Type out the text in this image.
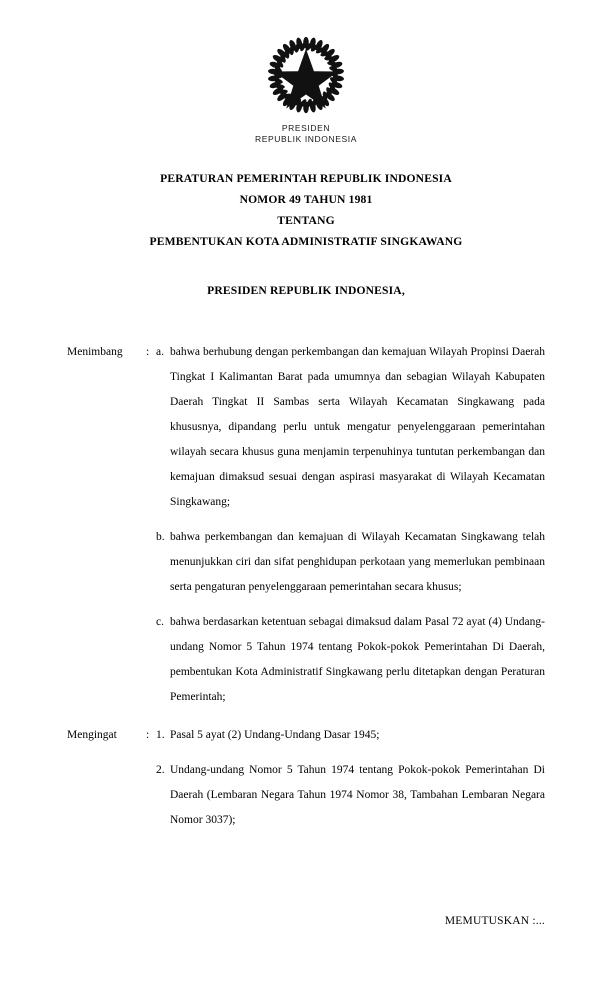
PRESIDEN
REPUBLIK INDONESIA
PERATURAN PEMERINTAH REPUBLIK INDONESIA
NOMOR 49 TAHUN 1981
TENTANG
PEMBENTUKAN KOTA ADMINISTRATIF SINGKAWANG
PRESIDEN REPUBLIK INDONESIA,
Menimbang	: a. bahwa berhubung dengan perkembangan dan kemajuan Wilayah Propinsi Daerah Tingkat I Kalimantan Barat pada umumnya dan sebagian Wilayah Kabupaten Daerah Tingkat II Sambas serta Wilayah Kecamatan Singkawang pada khususnya, dipandang perlu untuk mengatur penyelenggaraan pemerintahan wilayah secara khusus guna menjamin terpenuhinya tuntutan perkembangan dan kemajuan dimaksud sesuai dengan aspirasi masyarakat di Wilayah Kecamatan Singkawang;
b. bahwa perkembangan dan kemajuan di Wilayah Kecamatan Singkawang telah menunjukkan ciri dan sifat penghidupan perkotaan yang memerlukan pembinaan serta pengaturan penyelenggaraan pemerintahan secara khusus;
c. bahwa berdasarkan ketentuan sebagai dimaksud dalam Pasal 72 ayat (4) Undang-undang Nomor 5 Tahun 1974 tentang Pokok-pokok Pemerintahan Di Daerah, pembentukan Kota Administratif Singkawang perlu ditetapkan dengan Peraturan Pemerintah;
Mengingat	: 1. Pasal 5 ayat (2) Undang-Undang Dasar 1945;
2. Undang-undang Nomor 5 Tahun 1974 tentang Pokok-pokok Pemerintahan Di Daerah (Lembaran Negara Tahun 1974 Nomor 38, Tambahan Lembaran Negara Nomor 3037);
MEMUTUSKAN :...
